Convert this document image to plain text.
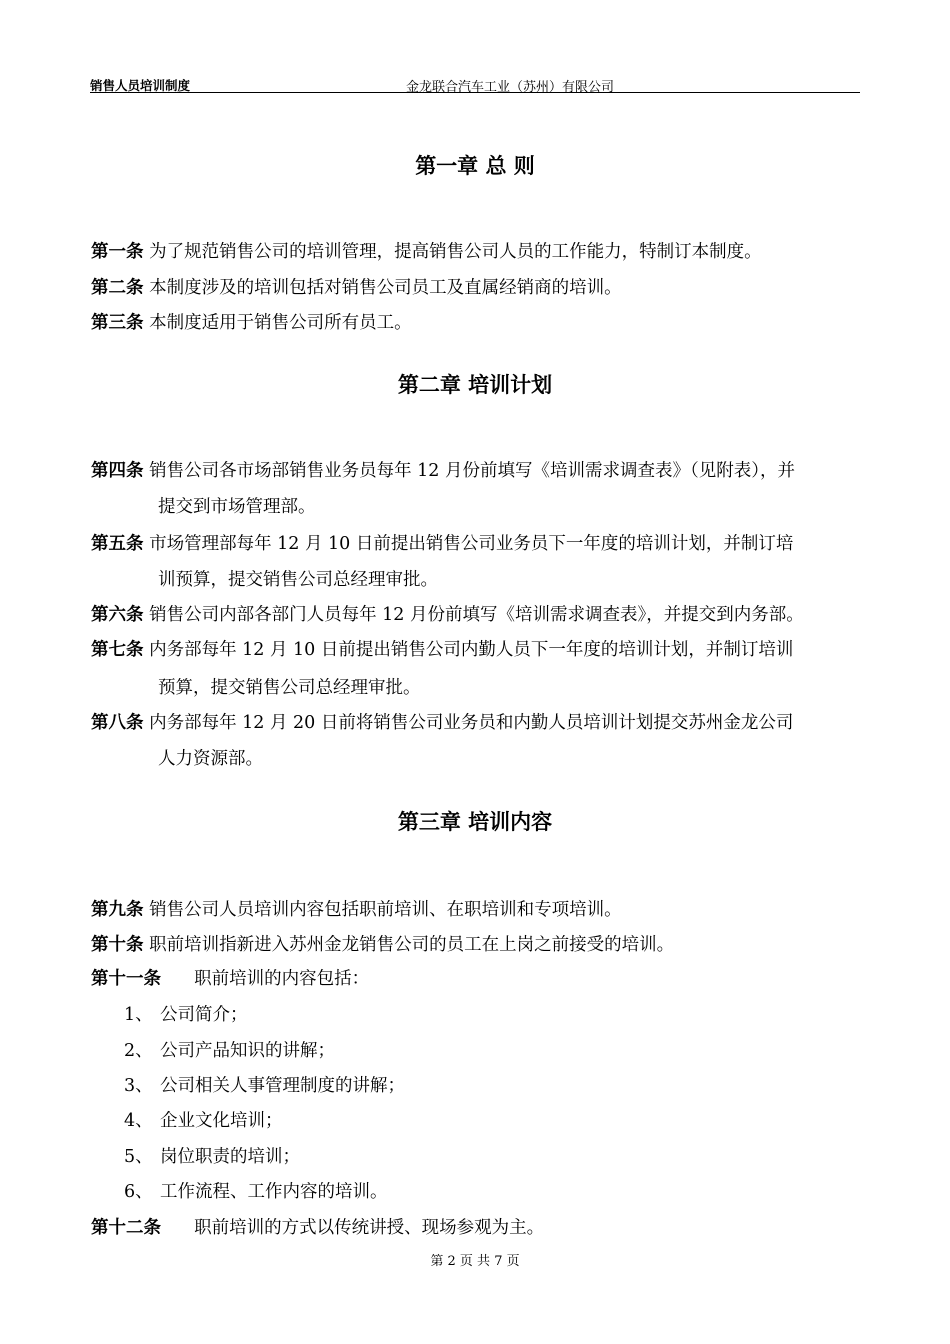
销售人员培训制度	金龙联合汽车工业（苏州）有限公司
第一章 总 则
第一条 为了规范销售公司的培训管理，提高销售公司人员的工作能力，特制订本制度。
第二条 本制度涉及的培训包括对销售公司员工及直属经销商的培训。
第三条 本制度适用于销售公司所有员工。
第二章 培训计划
第四条 销售公司各市场部销售业务员每年 12 月份前填写《培训需求调查表》（见附表），并
提交到市场管理部。
第五条 市场管理部每年 12 月 10 日前提出销售公司业务员下一年度的培训计划，并制订培
训预算，提交销售公司总经理审批。
第六条 销售公司内部各部门人员每年 12 月份前填写《培训需求调查表》，并提交到内务部。
第七条 内务部每年 12 月 10 日前提出销售公司内勤人员下一年度的培训计划，并制订培训
预算，提交销售公司总经理审批。
第八条 内务部每年 12 月 20 日前将销售公司业务员和内勤人员培训计划提交苏州金龙公司
人力资源部。
第三章 培训内容
第九条 销售公司人员培训内容包括职前培训、在职培训和专项培训。
第十条 职前培训指新进入苏州金龙销售公司的员工在上岗之前接受的培训。
第十一条 职前培训的内容包括：
1、 公司简介；
2、 公司产品知识的讲解；
3、 公司相关人事管理制度的讲解；
4、 企业文化培训；
5、 岗位职责的培训；
6、 工作流程、工作内容的培训。
第十二条 职前培训的方式以传统讲授、现场参观为主。
第 2 页 共 7 页
